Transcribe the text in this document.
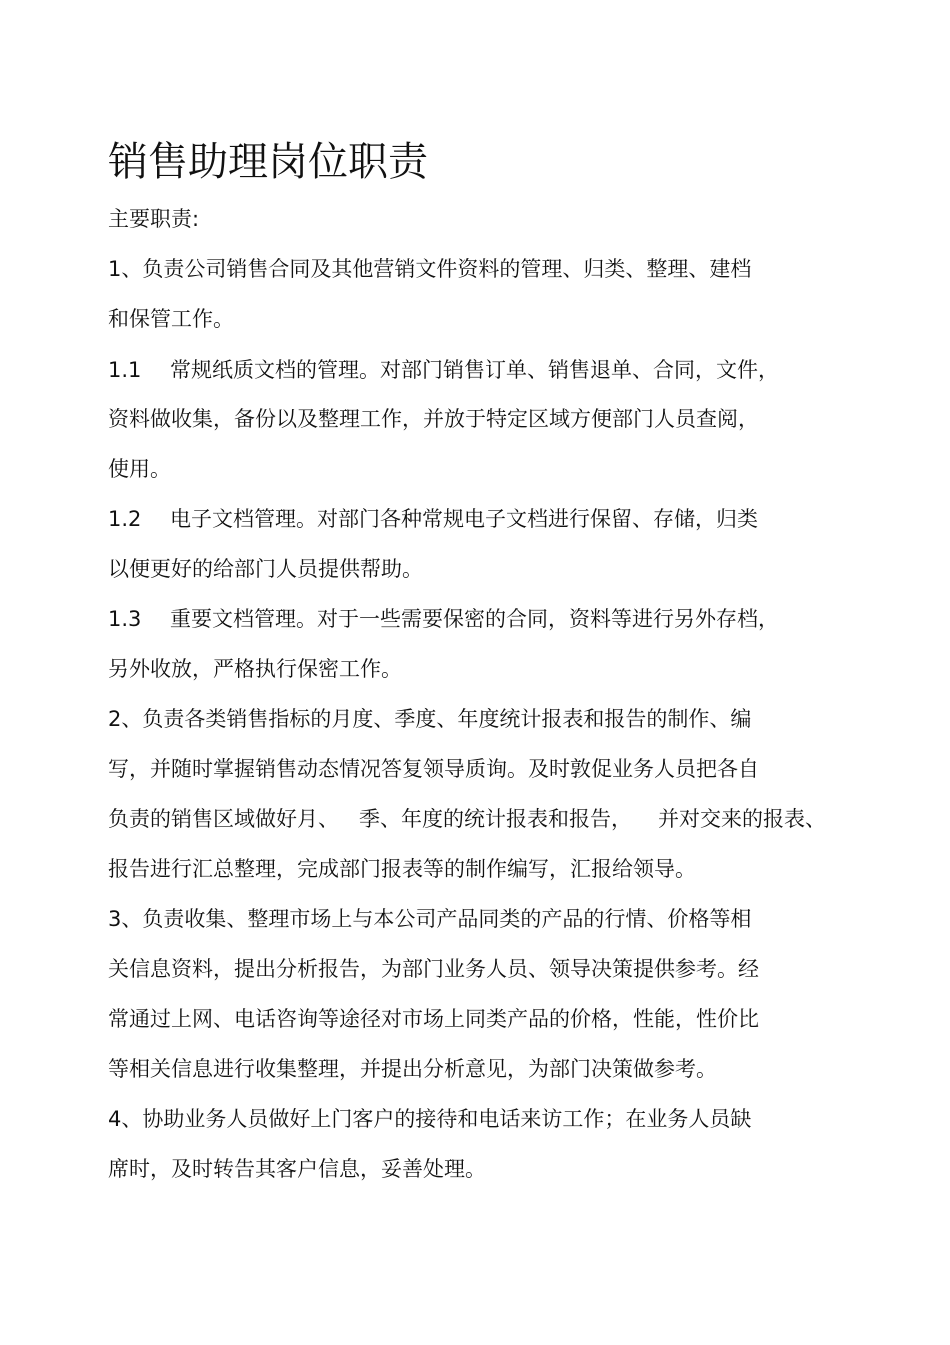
销售助理岗位职责
主要职责:
1、负责公司销售合同及其他营销文件资料的管理、归类、整理、建档
和保管工作。
1.1 常规纸质文档的管理。对部门销售订单、销售退单、合同，文件，
资料做收集，备份以及整理工作，并放于特定区域方便部门人员查阅，
使用。
1.2 电子文档管理。对部门各种常规电子文档进行保留、存储，归类
以便更好的给部门人员提供帮助。
1.3 重要文档管理。对于一些需要保密的合同，资料等进行另外存档，
另外收放，严格执行保密工作。
2、负责各类销售指标的月度、季度、年度统计报表和报告的制作、编
写，并随时掌握销售动态情况答复领导质询。及时敦促业务人员把各自
负责的销售区域做好月、 季、年度的统计报表和报告， 并对交来的报表、
报告进行汇总整理，完成部门报表等的制作编写，汇报给领导。
3、负责收集、整理市场上与本公司产品同类的产品的行情、价格等相
关信息资料，提出分析报告，为部门业务人员、领导决策提供参考。经
常通过上网、电话咨询等途径对市场上同类产品的价格，性能，性价比
等相关信息进行收集整理，并提出分析意见，为部门决策做参考。
4、协助业务人员做好上门客户的接待和电话来访工作；在业务人员缺
席时，及时转告其客户信息，妥善处理。
